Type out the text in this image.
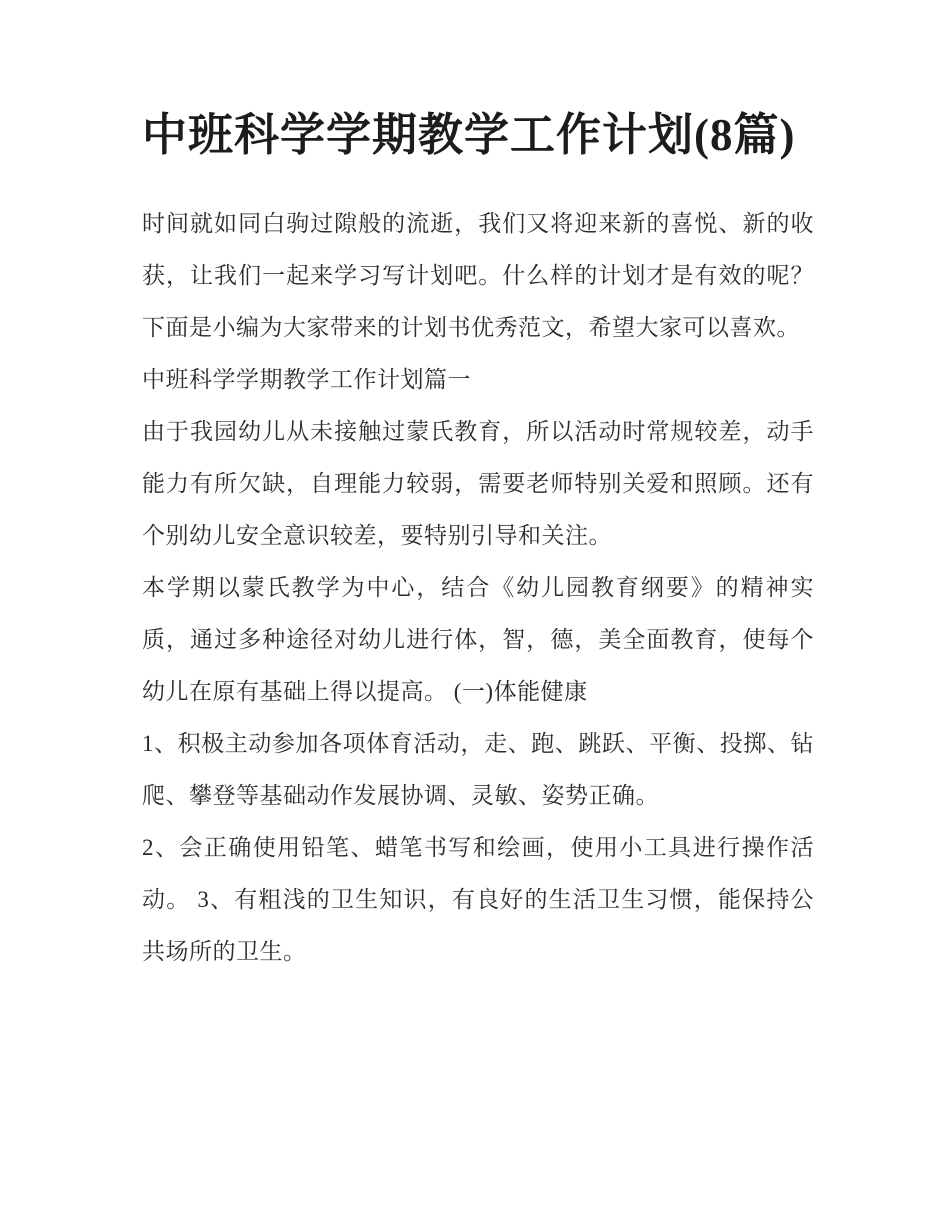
中班科学学期教学工作计划(8篇)

时间就如同白驹过隙般的流逝，我们又将迎来新的喜悦、新的收获，让我们一起来学习写计划吧。什么样的计划才是有效的呢？下面是小编为大家带来的计划书优秀范文，希望大家可以喜欢。

中班科学学期教学工作计划篇一

由于我园幼儿从未接触过蒙氏教育，所以活动时常规较差，动手能力有所欠缺，自理能力较弱，需要老师特别关爱和照顾。还有个别幼儿安全意识较差，要特别引导和关注。

本学期以蒙氏教学为中心，结合《幼儿园教育纲要》的精神实质，通过多种途径对幼儿进行体，智，德，美全面教育，使每个幼儿在原有基础上得以提高。 (一)体能健康

1、积极主动参加各项体育活动，走、跑、跳跃、平衡、投掷、钻爬、攀登等基础动作发展协调、灵敏、姿势正确。

2、会正确使用铅笔、蜡笔书写和绘画，使用小工具进行操作活动。 3、有粗浅的卫生知识，有良好的生活卫生习惯，能保持公共场所的卫生。
